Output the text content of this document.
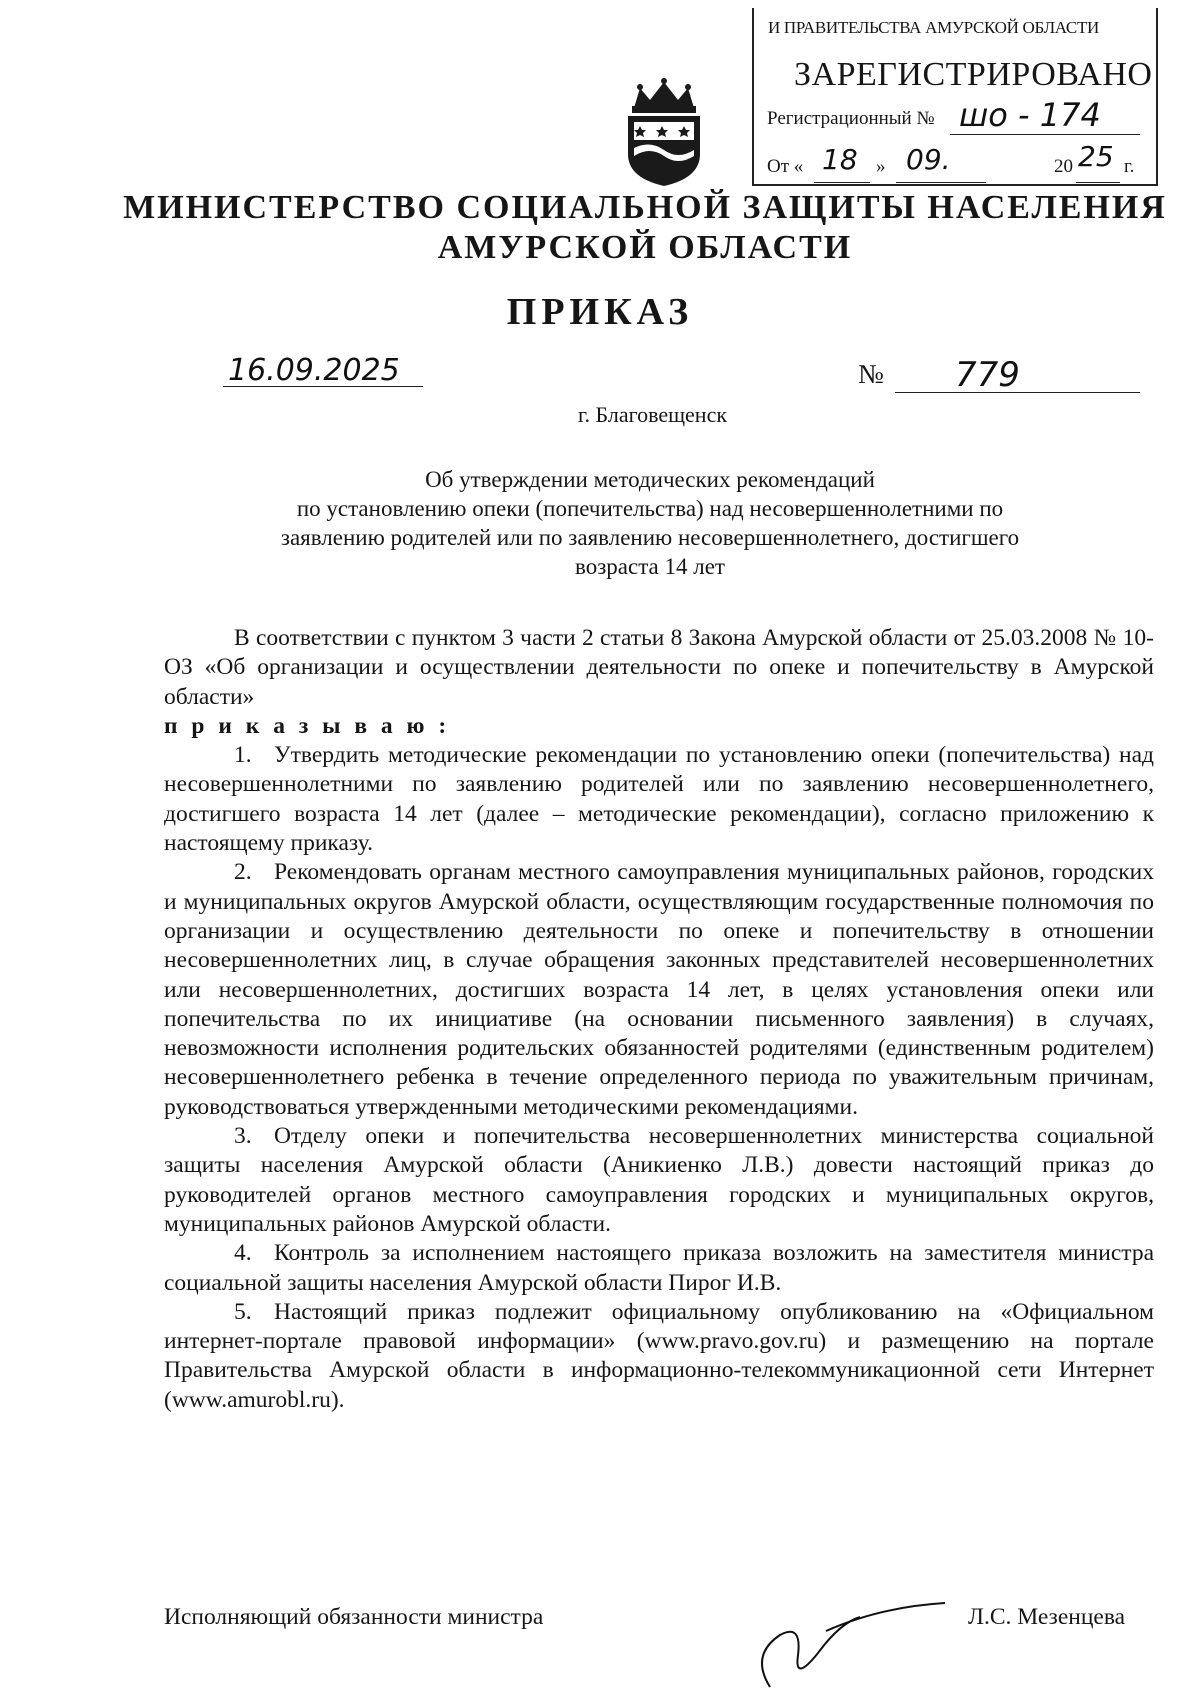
И ПРАВИТЕЛЬСТВА АМУРСКОЙ ОБЛАСТИ
ЗАРЕГИСТРИРОВАНО
Регистрационный № шо - 174
От « 18 » 09.	20 25 г.
МИНИСТЕРСТВО СОЦИАЛЬНОЙ ЗАЩИТЫ НАСЕЛЕНИЯ
АМУРСКОЙ ОБЛАСТИ
ПРИКАЗ
16.09.2025	№ 779
г. Благовещенск
Об утверждении методических рекомендаций
по установлению опеки (попечительства) над несовершеннолетними по
заявлению родителей или по заявлению несовершеннолетнего, достигшего
возраста 14 лет

В соответствии с пунктом 3 части 2 статьи 8 Закона Амурской области от 25.03.2008 № 10-ОЗ «Об организации и осуществлении деятельности по опеке и попечительству в Амурской области»

п р и к а з ы в а ю :

1. Утвердить методические рекомендации по установлению опеки (попечительства) над несовершеннолетними по заявлению родителей или по заявлению несовершеннолетнего, достигшего возраста 14 лет (далее – методические рекомендации), согласно приложению к настоящему приказу.

2. Рекомендовать органам местного самоуправления муниципальных районов, городских и муниципальных округов Амурской области, осуществляющим государственные полномочия по организации и осуществлению деятельности по опеке и попечительству в отношении несовершеннолетних лиц, в случае обращения законных представителей несовершеннолетних или несовершеннолетних, достигших возраста 14 лет, в целях установления опеки или попечительства по их инициативе (на основании письменного заявления) в случаях, невозможности исполнения родительских обязанностей родителями (единственным родителем) несовершеннолетнего ребенка в течение определенного периода по уважительным причинам, руководствоваться утвержденными методическими рекомендациями.

3. Отделу опеки и попечительства несовершеннолетних министерства социальной защиты населения Амурской области (Аникиенко Л.В.) довести настоящий приказ до руководителей органов местного самоуправления городских и муниципальных округов, муниципальных районов Амурской области.

4. Контроль за исполнением настоящего приказа возложить на заместителя министра социальной защиты населения Амурской области Пирог И.В.

5. Настоящий приказ подлежит официальному опубликованию на «Официальном интернет-портале правовой информации» (www.pravo.gov.ru) и размещению на портале Правительства Амурской области в информационно-телекоммуникационной сети Интернет (www.amurobl.ru).

Исполняющий обязанности министра	Л.С. Мезенцева
